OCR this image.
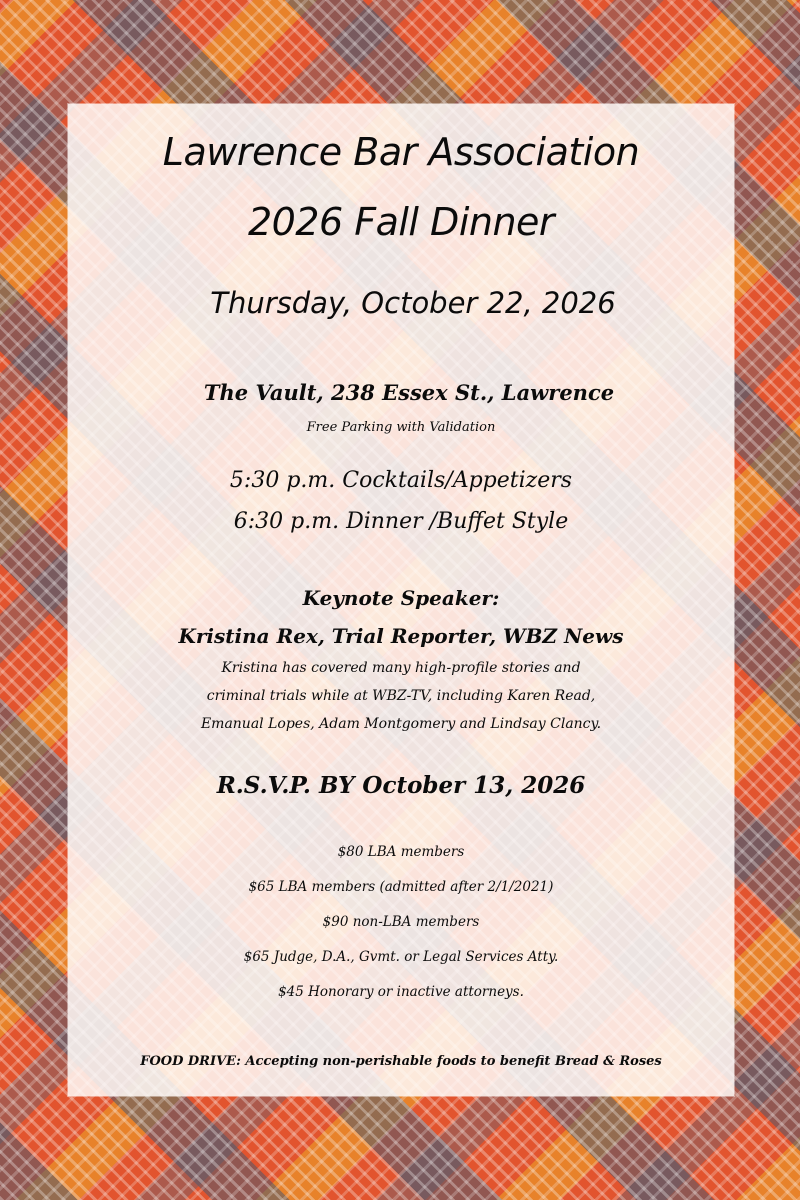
Lawrence Bar Association
2026 Fall Dinner
Thursday, October 22, 2026
The Vault, 238 Essex St., Lawrence
Free Parking with Validation
5:30 p.m. Cocktails/Appetizers
6:30 p.m. Dinner /Buffet Style
Keynote Speaker:
Kristina Rex, Trial Reporter, WBZ News
Kristina has covered many high-profile stories and
criminal trials while at WBZ-TV, including Karen Read,
Emanual Lopes, Adam Montgomery and Lindsay Clancy.
R.S.V.P. BY October 13, 2026
$80 LBA members
$65 LBA members (admitted after 2/1/2021)
$90 non-LBA members
$65 Judge, D.A., Gvmt. or Legal Services Atty.
$45 Honorary or inactive attorneys.
FOOD DRIVE: Accepting non-perishable foods to benefit Bread & Roses
